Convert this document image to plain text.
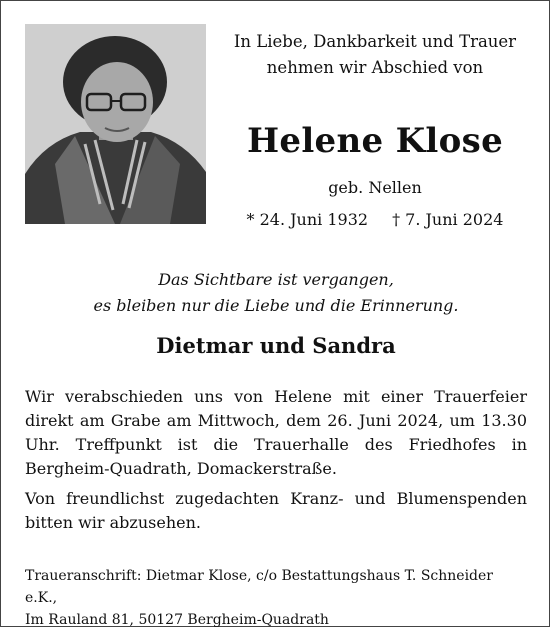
In Liebe, Dankbarkeit und Trauer
nehmen wir Abschied von
Helene Klose
geb. Nellen
* 24. Juni 1932 † 7. Juni 2024
Das Sichtbare ist vergangen,
es bleiben nur die Liebe und die Erinnerung.
Dietmar und Sandra

Wir verabschieden uns von Helene mit einer Trauerfeier direkt am Grabe am Mittwoch, dem 26. Juni 2024, um 13.30 Uhr. Treffpunkt ist die Trauerhalle des Friedhofes in Bergheim-Quadrath, Domackerstraße.

Von freundlichst zugedachten Kranz- und Blumenspenden bitten wir abzusehen.

Traueranschrift: Dietmar Klose, c/o Bestattungshaus T. Schneider e.K.,
Im Rauland 81, 50127 Bergheim-Quadrath
